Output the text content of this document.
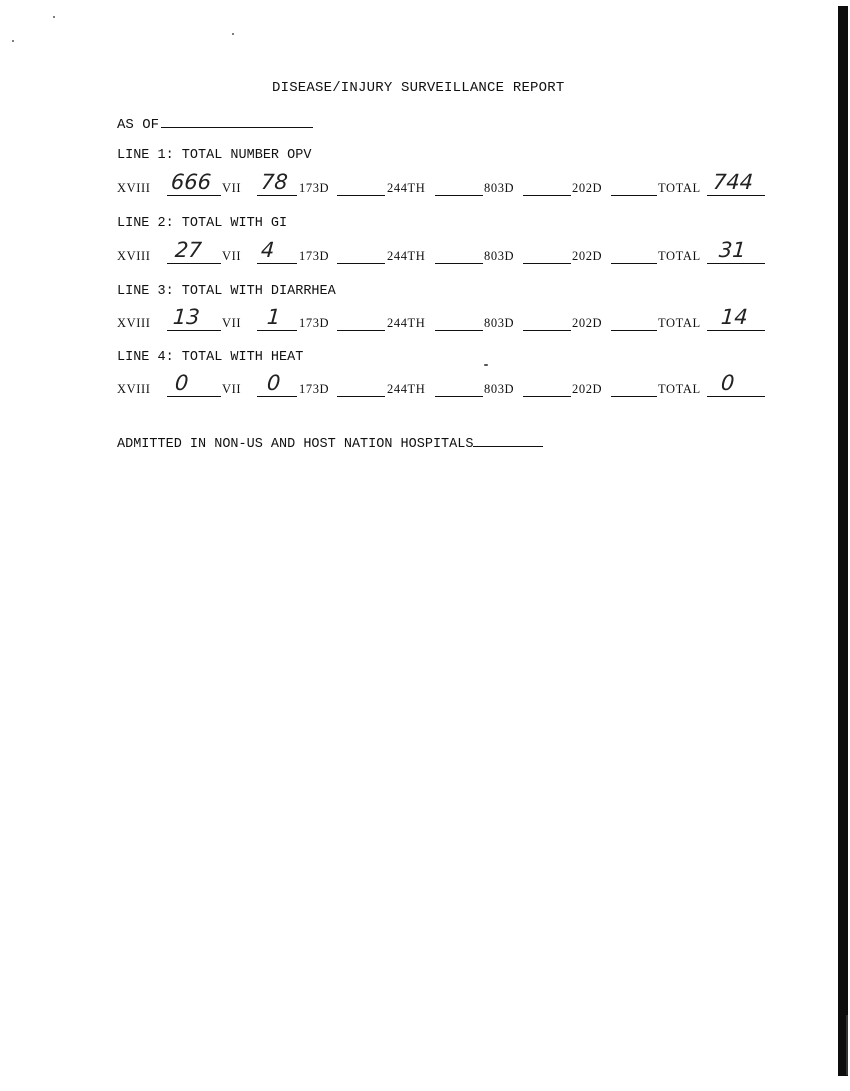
DISEASE/INJURY SURVEILLANCE REPORT
AS OF
LINE 1: TOTAL NUMBER OPV
XVIII 666 VII 78 173D	244TH	803D	202D	TOTAL 744
LINE 2: TOTAL WITH GI
XVIII 27 VII 4 173D	244TH	803D	202D	TOTAL 31
LINE 3: TOTAL WITH DIARRHEA
XVIII 13 VII 1 173D	244TH	803D	202D	TOTAL 14
LINE 4: TOTAL WITH HEAT
XVIII 0	VII 0 173D	244TH	803D	202D	TOTAL 0
ADMITTED IN NON-US AND HOST NATION HOSPITALS
